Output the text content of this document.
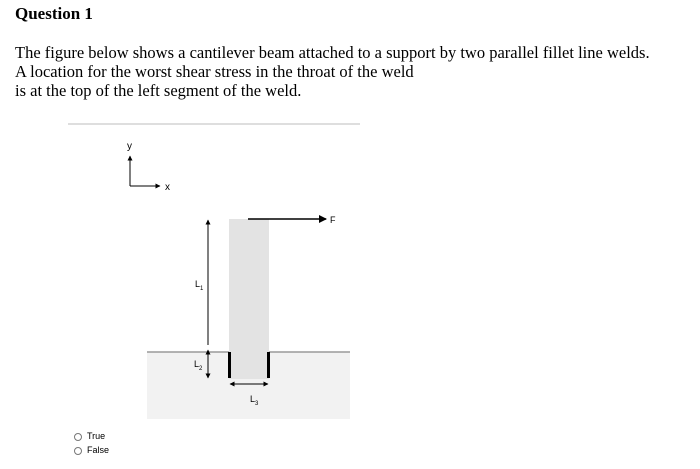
Question 1
The figure below shows a cantilever beam attached to a support by two parallel fillet line welds.
A location for the worst shear stress in the throat of the weld
is at the top of the left segment of the weld.
y
x
F
$L_1$
$L_2$
$L_3$
True
False
